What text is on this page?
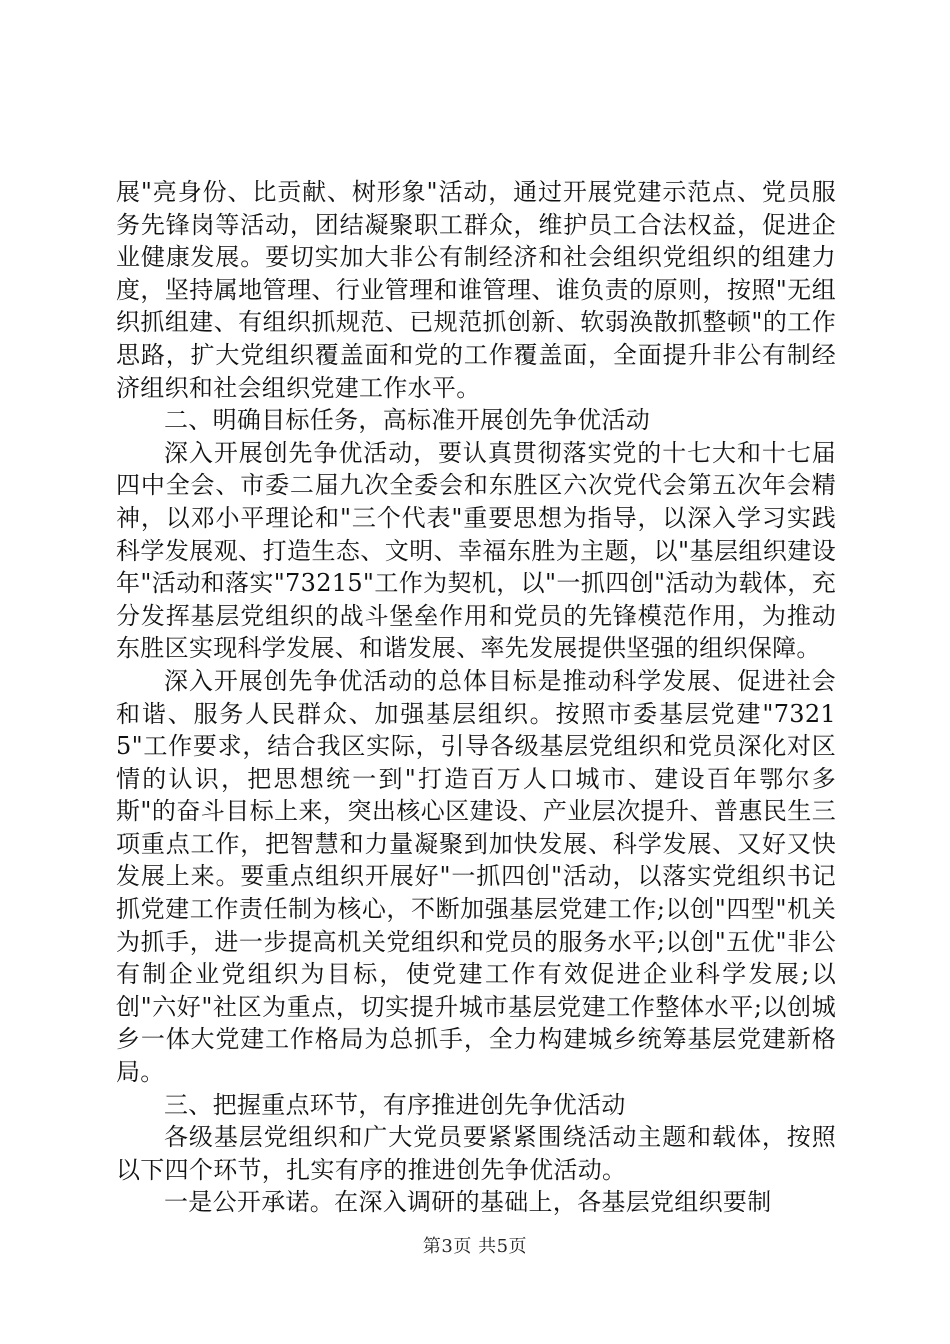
展"亮身份、比贡献、树形象"活动，通过开展党建示范点、党员服务先锋岗等活动，团结凝聚职工群众，维护员工合法权益，促进企业健康发展。要切实加大非公有制经济和社会组织党组织的组建力度，坚持属地管理、行业管理和谁管理、谁负责的原则，按照"无组织抓组建、有组织抓规范、已规范抓创新、软弱涣散抓整顿"的工作思路，扩大党组织覆盖面和党的工作覆盖面，全面提升非公有制经济组织和社会组织党建工作水平。

二、明确目标任务，高标准开展创先争优活动

深入开展创先争优活动，要认真贯彻落实党的十七大和十七届四中全会、市委二届九次全委会和东胜区六次党代会第五次年会精神，以邓小平理论和"三个代表"重要思想为指导，以深入学习实践科学发展观、打造生态、文明、幸福东胜为主题，以"基层组织建设年"活动和落实"73215"工作为契机，以"一抓四创"活动为载体，充分发挥基层党组织的战斗堡垒作用和党员的先锋模范作用，为推动东胜区实现科学发展、和谐发展、率先发展提供坚强的组织保障。

深入开展创先争优活动的总体目标是推动科学发展、促进社会和谐、服务人民群众、加强基层组织。按照市委基层党建"73215"工作要求，结合我区实际，引导各级基层党组织和党员深化对区情的认识，把思想统一到"打造百万人口城市、建设百年鄂尔多斯"的奋斗目标上来，突出核心区建设、产业层次提升、普惠民生三项重点工作，把智慧和力量凝聚到加快发展、科学发展、又好又快发展上来。要重点组织开展好"一抓四创"活动，以落实党组织书记抓党建工作责任制为核心，不断加强基层党建工作;以创"四型"机关为抓手，进一步提高机关党组织和党员的服务水平;以创"五优"非公有制企业党组织为目标，使党建工作有效促进企业科学发展;以创"六好"社区为重点，切实提升城市基层党建工作整体水平;以创城乡一体大党建工作格局为总抓手，全力构建城乡统筹基层党建新格局。

三、把握重点环节，有序推进创先争优活动

各级基层党组织和广大党员要紧紧围绕活动主题和载体，按照以下四个环节，扎实有序的推进创先争优活动。

一是公开承诺。在深入调研的基础上，各基层党组织要制

第3页 共5页
